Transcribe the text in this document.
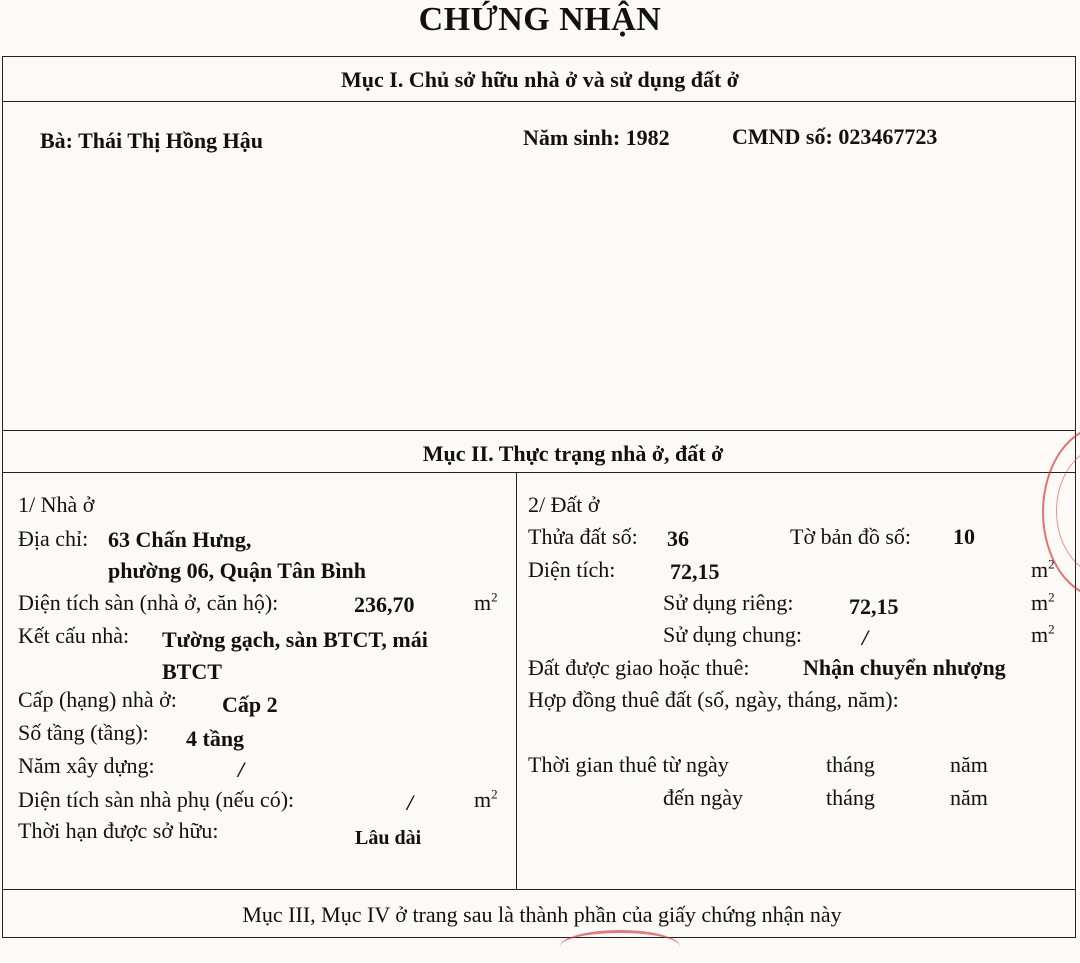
CHỨNG NHẬN
Mục I. Chủ sở hữu nhà ở và sử dụng đất ở
Bà: Thái Thị Hồng Hậu	Năm sinh: 1982	CMND số: 023467723
Mục II. Thực trạng nhà ở, đất ở
1/ Nhà ở
Địa chỉ: 63 Chấn Hưng,
phường 06, Quận Tân Bình
Diện tích sàn (nhà ở, căn hộ):	236,70	$m^2$
Kết cấu nhà: Tường gạch, sàn BTCT, mái
BTCT
Cấp (hạng) nhà ở: Cấp 2
Số tầng (tầng): 4 tầng
Năm xây dựng:	/
Diện tích sàn nhà phụ (nếu có):	/	$m^2$
Thời hạn được sở hữu:	Lâu dài
2/ Đất ở
Thửa đất số: 36	Tờ bản đồ số: 10
Diện tích: 72,15	$m^2$
Sử dụng riêng:	72,15	$m^2$
Sử dụng chung:	/	$m^2$
Đất được giao hoặc thuê: Nhận chuyển nhượng
Hợp đồng thuê đất (số, ngày, tháng, năm):
Thời gian thuê từ ngày	tháng	năm
đến ngày	tháng	năm
Mục III, Mục IV ở trang sau là thành phần của giấy chứng nhận này
